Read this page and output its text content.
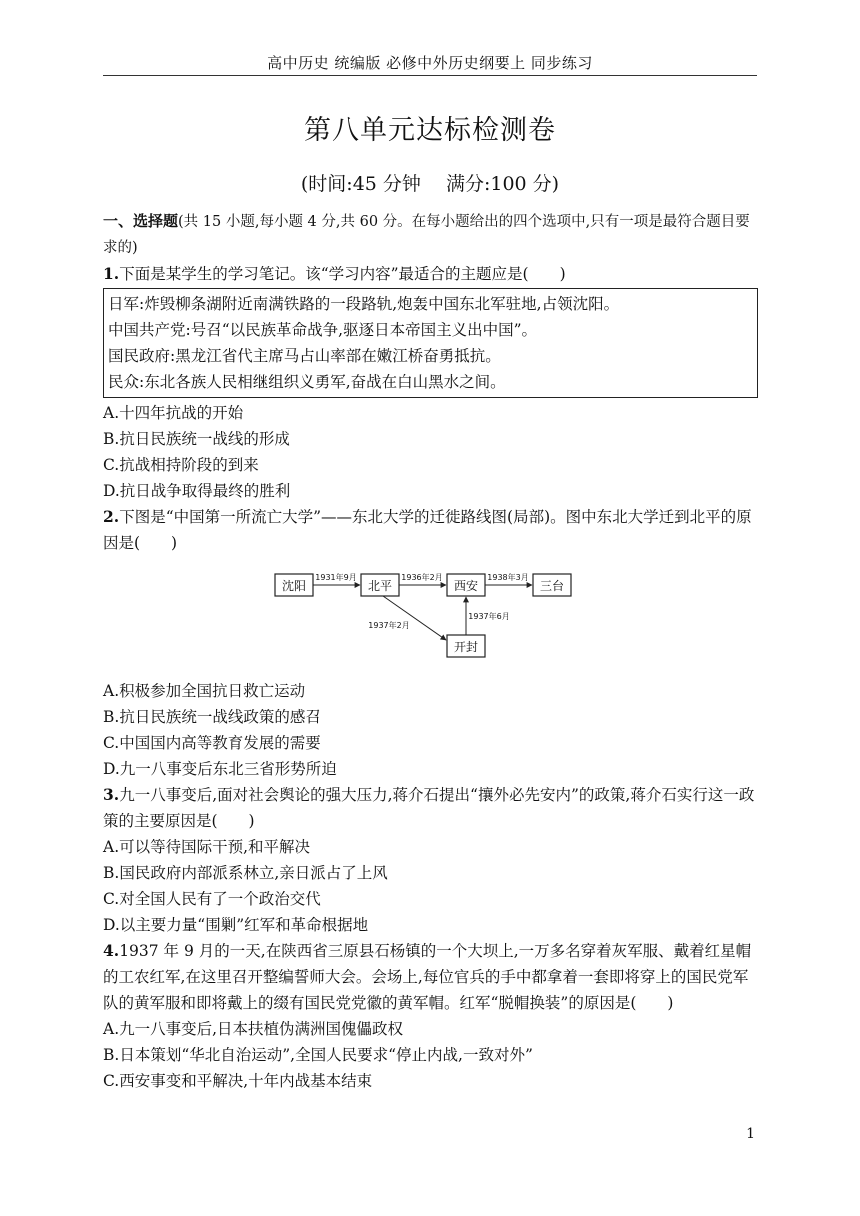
高中历史 统编版 必修中外历史纲要上 同步练习
第八单元达标检测卷
(时间:45 分钟　 满分:100 分)

一、选择题(共 15 小题,每小题 4 分,共 60 分。在每小题给出的四个选项中,只有一项是最符合题目要求的)

1.下面是某学生的学习笔记。该“学习内容”最适合的主题应是(　　)

日军:炸毁柳条湖附近南满铁路的一段路轨,炮轰中国东北军驻地,占领沈阳。

中国共产党:号召“以民族革命战争,驱逐日本帝国主义出中国”。

国民政府:黑龙江省代主席马占山率部在嫩江桥奋勇抵抗。

民众:东北各族人民相继组织义勇军,奋战在白山黑水之间。

A.十四年抗战的开始

B.抗日民族统一战线的形成

C.抗战相持阶段的到来

D.抗日战争取得最终的胜利

2.下图是“中国第一所流亡大学”——东北大学的迁徙路线图(局部)。图中东北大学迁到北平的原因是(　　)

沈阳	北平	西安	三台
开封
1931年9月	1936年2月	1938年3月
1937年2月
1937年6月

A.积极参加全国抗日救亡运动

B.抗日民族统一战线政策的感召

C.中国国内高等教育发展的需要

D.九一八事变后东北三省形势所迫

3.九一八事变后,面对社会舆论的强大压力,蒋介石提出“攘外必先安内”的政策,蒋介石实行这一政策的主要原因是(　　)

A.可以等待国际干预,和平解决

B.国民政府内部派系林立,亲日派占了上风

C.对全国人民有了一个政治交代

D.以主要力量“围剿”红军和革命根据地

4.1937 年 9 月的一天,在陕西省三原县石杨镇的一个大坝上,一万多名穿着灰军服、戴着红星帽的工农红军,在这里召开整编誓师大会。会场上,每位官兵的手中都拿着一套即将穿上的国民党军队的黄军服和即将戴上的缀有国民党党徽的黄军帽。红军“脱帽换装”的原因是(　　)

A.九一八事变后,日本扶植伪满洲国傀儡政权

B.日本策划“华北自治运动”,全国人民要求“停止内战,一致对外”

C.西安事变和平解决,十年内战基本结束

1
